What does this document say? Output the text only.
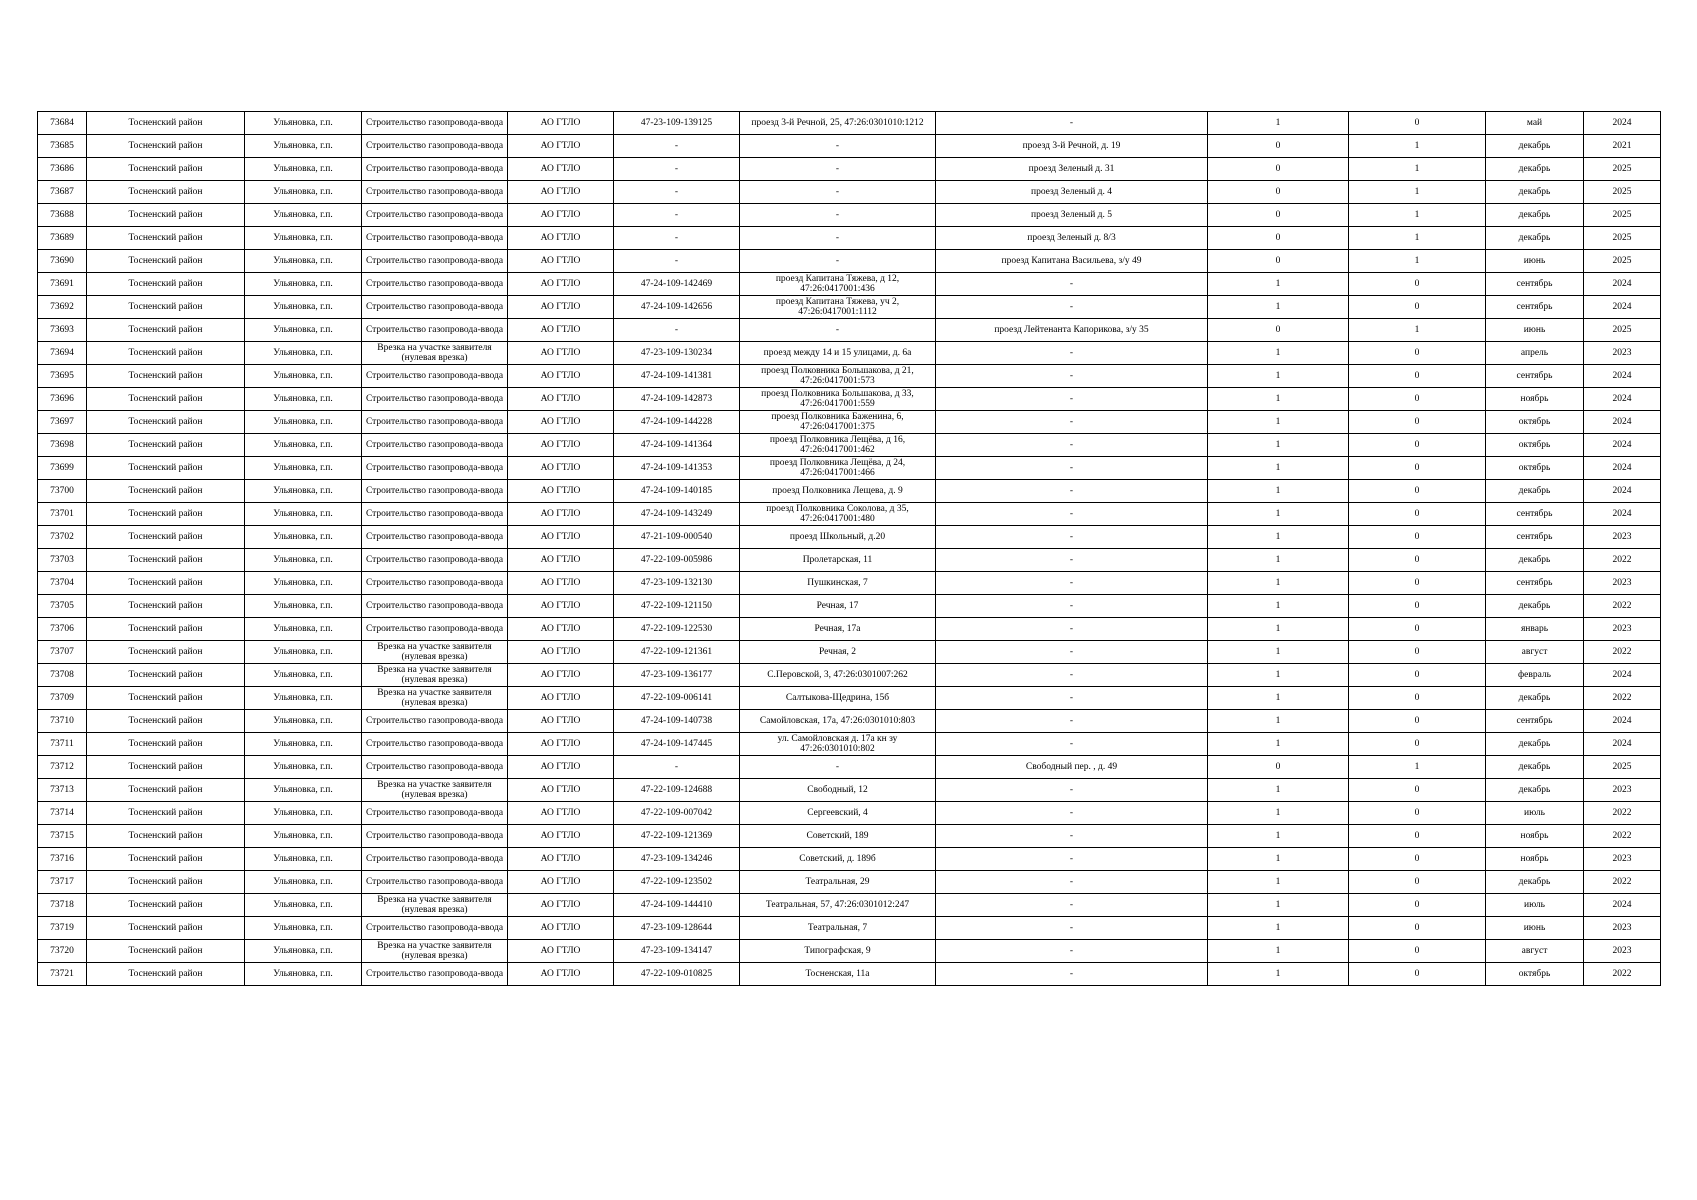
73684	Тосненский район	Ульяновка, г.п.	Строительство газопровода-ввода	АО ГТЛО	47-23-109-139125	проезд 3-й Речной, 25, 47:26:0301010:1212	-	1	0	май	2024
73685	Тосненский район	Ульяновка, г.п.	Строительство газопровода-ввода	АО ГТЛО	-	-	проезд 3-й Речной, д. 19	0	1	декабрь	2021
73686	Тосненский район	Ульяновка, г.п.	Строительство газопровода-ввода	АО ГТЛО	-	-	проезд Зеленый д. 31	0	1	декабрь	2025
73687	Тосненский район	Ульяновка, г.п.	Строительство газопровода-ввода	АО ГТЛО	-	-	проезд Зеленый д. 4	0	1	декабрь	2025
73688	Тосненский район	Ульяновка, г.п.	Строительство газопровода-ввода	АО ГТЛО	-	-	проезд Зеленый д. 5	0	1	декабрь	2025
73689	Тосненский район	Ульяновка, г.п.	Строительство газопровода-ввода	АО ГТЛО	-	-	проезд Зеленый д. 8/3	0	1	декабрь	2025
73690	Тосненский район	Ульяновка, г.п.	Строительство газопровода-ввода	АО ГТЛО	-	-	проезд Капитана Васильева, з/у 49	0	1	июнь	2025
73691	Тосненский район	Ульяновка, г.п.	Строительство газопровода-ввода	АО ГТЛО	47-24-109-142469	проезд Капитана Тяжева, д 12, 47:26:0417001:436	-	1	0	сентябрь	2024
73692	Тосненский район	Ульяновка, г.п.	Строительство газопровода-ввода	АО ГТЛО	47-24-109-142656	проезд Капитана Тяжева, уч 2, 47:26:0417001:1112	-	1	0	сентябрь	2024
73693	Тосненский район	Ульяновка, г.п.	Строительство газопровода-ввода	АО ГТЛО	-	-	проезд Лейтенанта Капорикова, з/у 35	0	1	июнь	2025
73694	Тосненский район	Ульяновка, г.п.	Врезка на участке заявителя (нулевая врезка)	АО ГТЛО	47-23-109-130234	проезд между 14 и 15 улицами, д. 6а	-	1	0	апрель	2023
73695	Тосненский район	Ульяновка, г.п.	Строительство газопровода-ввода	АО ГТЛО	47-24-109-141381	проезд Полковника Большакова, д 21, 47:26:0417001:573	-	1	0	сентябрь	2024
73696	Тосненский район	Ульяновка, г.п.	Строительство газопровода-ввода	АО ГТЛО	47-24-109-142873	проезд Полковника Большакова, д 33, 47:26:0417001:559	-	1	0	ноябрь	2024
73697	Тосненский район	Ульяновка, г.п.	Строительство газопровода-ввода	АО ГТЛО	47-24-109-144228	проезд Полковника Баженина, 6, 47:26:0417001:375	-	1	0	октябрь	2024
73698	Тосненский район	Ульяновка, г.п.	Строительство газопровода-ввода	АО ГТЛО	47-24-109-141364	проезд Полковника Лещёва, д 16, 47:26:0417001:462	-	1	0	октябрь	2024
73699	Тосненский район	Ульяновка, г.п.	Строительство газопровода-ввода	АО ГТЛО	47-24-109-141353	проезд Полковника Лещёва, д 24, 47:26:0417001:466	-	1	0	октябрь	2024
73700	Тосненский район	Ульяновка, г.п.	Строительство газопровода-ввода	АО ГТЛО	47-24-109-140185	проезд Полковника Лещева, д. 9	-	1	0	декабрь	2024
73701	Тосненский район	Ульяновка, г.п.	Строительство газопровода-ввода	АО ГТЛО	47-24-109-143249	проезд Полковника Соколова, д 35, 47:26:0417001:480	-	1	0	сентябрь	2024
73702	Тосненский район	Ульяновка, г.п.	Строительство газопровода-ввода	АО ГТЛО	47-21-109-000540	проезд Школьный, д.20	-	1	0	сентябрь	2023
73703	Тосненский район	Ульяновка, г.п.	Строительство газопровода-ввода	АО ГТЛО	47-22-109-005986	Пролетарская, 11	-	1	0	декабрь	2022
73704	Тосненский район	Ульяновка, г.п.	Строительство газопровода-ввода	АО ГТЛО	47-23-109-132130	Пушкинская, 7	-	1	0	сентябрь	2023
73705	Тосненский район	Ульяновка, г.п.	Строительство газопровода-ввода	АО ГТЛО	47-22-109-121150	Речная, 17	-	1	0	декабрь	2022
73706	Тосненский район	Ульяновка, г.п.	Строительство газопровода-ввода	АО ГТЛО	47-22-109-122530	Речная, 17а	-	1	0	январь	2023
73707	Тосненский район	Ульяновка, г.п.	Врезка на участке заявителя (нулевая врезка)	АО ГТЛО	47-22-109-121361	Речная, 2	-	1	0	август	2022
73708	Тосненский район	Ульяновка, г.п.	Врезка на участке заявителя (нулевая врезка)	АО ГТЛО	47-23-109-136177	С.Перовской, 3, 47:26:0301007:262	-	1	0	февраль	2024
73709	Тосненский район	Ульяновка, г.п.	Врезка на участке заявителя (нулевая врезка)	АО ГТЛО	47-22-109-006141	Салтыкова-Щедрина, 15б	-	1	0	декабрь	2022
73710	Тосненский район	Ульяновка, г.п.	Строительство газопровода-ввода	АО ГТЛО	47-24-109-140738	Самойловская, 17а, 47:26:0301010:803	-	1	0	сентябрь	2024
73711	Тосненский район	Ульяновка, г.п.	Строительство газопровода-ввода	АО ГТЛО	47-24-109-147445	ул. Самойловская д. 17а кн зу 47:26:0301010:802	-	1	0	декабрь	2024
73712	Тосненский район	Ульяновка, г.п.	Строительство газопровода-ввода	АО ГТЛО	-	-	Свободный пер. , д. 49	0	1	декабрь	2025
73713	Тосненский район	Ульяновка, г.п.	Врезка на участке заявителя (нулевая врезка)	АО ГТЛО	47-22-109-124688	Свободный, 12	-	1	0	декабрь	2023
73714	Тосненский район	Ульяновка, г.п.	Строительство газопровода-ввода	АО ГТЛО	47-22-109-007042	Сергеевский, 4	-	1	0	июль	2022
73715	Тосненский район	Ульяновка, г.п.	Строительство газопровода-ввода	АО ГТЛО	47-22-109-121369	Советский, 189	-	1	0	ноябрь	2022
73716	Тосненский район	Ульяновка, г.п.	Строительство газопровода-ввода	АО ГТЛО	47-23-109-134246	Советский, д. 189б	-	1	0	ноябрь	2023
73717	Тосненский район	Ульяновка, г.п.	Строительство газопровода-ввода	АО ГТЛО	47-22-109-123502	Театральная, 29	-	1	0	декабрь	2022
73718	Тосненский район	Ульяновка, г.п.	Врезка на участке заявителя (нулевая врезка)	АО ГТЛО	47-24-109-144410	Театральная, 57, 47:26:0301012:247	-	1	0	июль	2024
73719	Тосненский район	Ульяновка, г.п.	Строительство газопровода-ввода	АО ГТЛО	47-23-109-128644	Театральная, 7	-	1	0	июнь	2023
73720	Тосненский район	Ульяновка, г.п.	Врезка на участке заявителя (нулевая врезка)	АО ГТЛО	47-23-109-134147	Типографская, 9	-	1	0	август	2023
73721	Тосненский район	Ульяновка, г.п.	Строительство газопровода-ввода	АО ГТЛО	47-22-109-010825	Тосненская, 11а	-	1	0	октябрь	2022
